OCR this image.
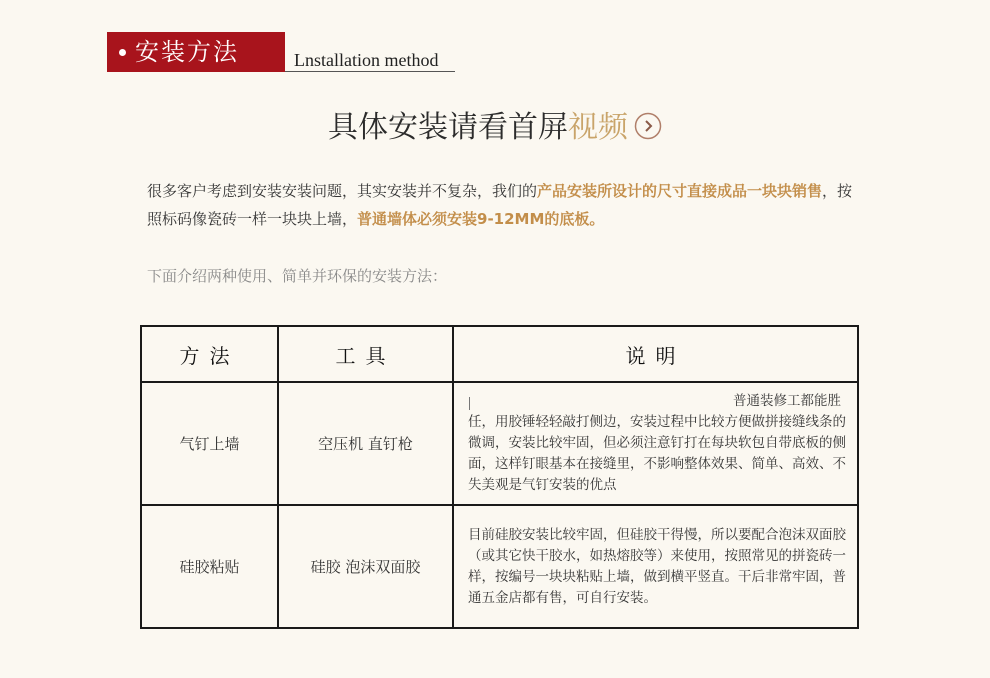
安装方法	Lnstallation method
具体安装请看首屏视频
很多客户考虑到安装安装问题，其实安装并不复杂，我们的产品安装所设计的尺寸直接成品一块块销售，按照标码像瓷砖一样一块块上墙，普通墙体必须安装9-12MM的底板。
下面介绍两种使用、简单并环保的安装方法：
方法	工具	说明
气钉上墙	空压机 直钉枪	普通装修工都能胜
任，用胶锤轻轻敲打侧边，安装过程中比较方便做拼接缝线条的微调，安装比较牢固，但必须注意钉打在每块软包自带底板的侧面，这样钉眼基本在接缝里，不影响整体效果、简单、高效、不失美观是气钉安装的优点

硅胶粘贴	硅胶 泡沫双面胶	目前硅胶安装比较牢固，但硅胶干得慢，所以要配合泡沫双面胶（或其它快干胶水，如热熔胶等）来使用，按照常见的拼瓷砖一样，按编号一块块粘贴上墙，做到横平竖直。干后非常牢固，普通五金店都有售，可自行安装。
